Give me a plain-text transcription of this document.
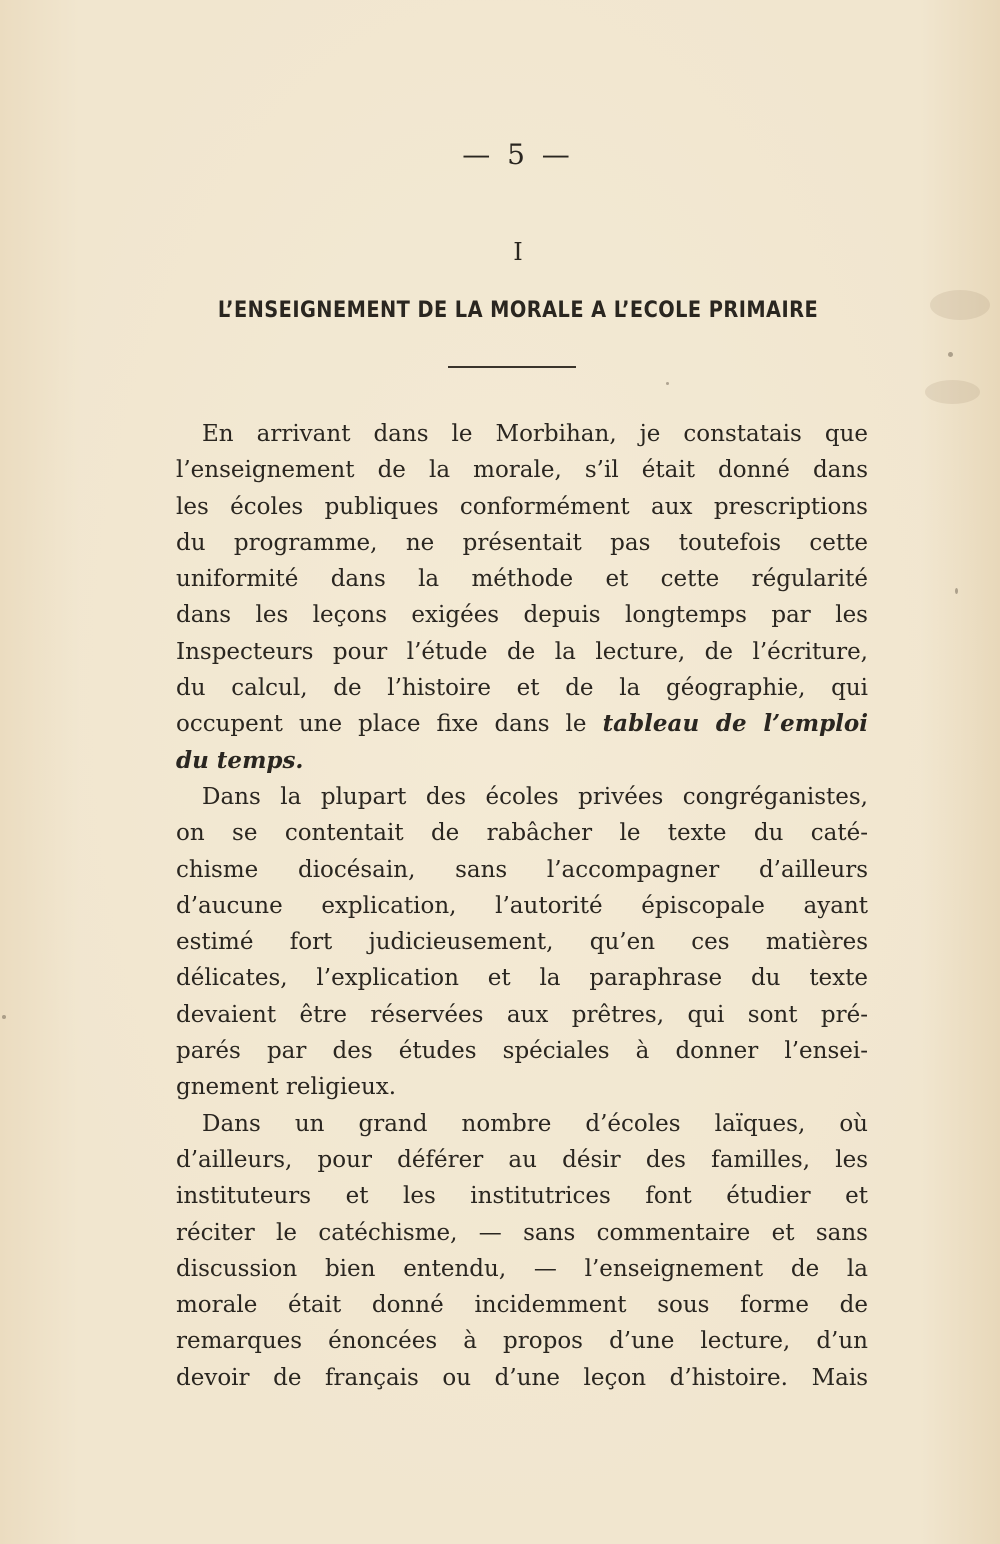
— 5 —
I
L’ENSEIGNEMENT DE LA MORALE A L’ECOLE PRIMAIRE
En arrivant dans le Morbihan, je constatais que
l’enseignement de la morale, s’il était donné dans
les écoles publiques conformément aux prescriptions
du programme, ne présentait pas toutefois cette
uniformité dans la méthode et cette régularité
dans les leçons exigées depuis longtemps par les
Inspecteurs pour l’étude de la lecture, de l’écriture,
du calcul, de l’histoire et de la géographie, qui
occupent une place fixe dans le tableau de l’emploi
du temps.
Dans la plupart des écoles privées congréganistes,
on se contentait de rabâcher le texte du caté-
chisme diocésain, sans l’accompagner d’ailleurs
d’aucune explication, l’autorité épiscopale ayant
estimé fort judicieusement, qu’en ces matières
délicates, l’explication et la paraphrase du texte
devaient être réservées aux prêtres, qui sont pré-
parés par des études spéciales à donner l’ensei-
gnement religieux.
Dans un grand nombre d’écoles laïques, où
d’ailleurs, pour déférer au désir des familles, les
instituteurs et les institutrices font étudier et
réciter le catéchisme, — sans commentaire et sans
discussion bien entendu, — l’enseignement de la
morale était donné incidemment sous forme de
remarques énoncées à propos d’une lecture, d’un
devoir de français ou d’une leçon d’histoire. Mais
